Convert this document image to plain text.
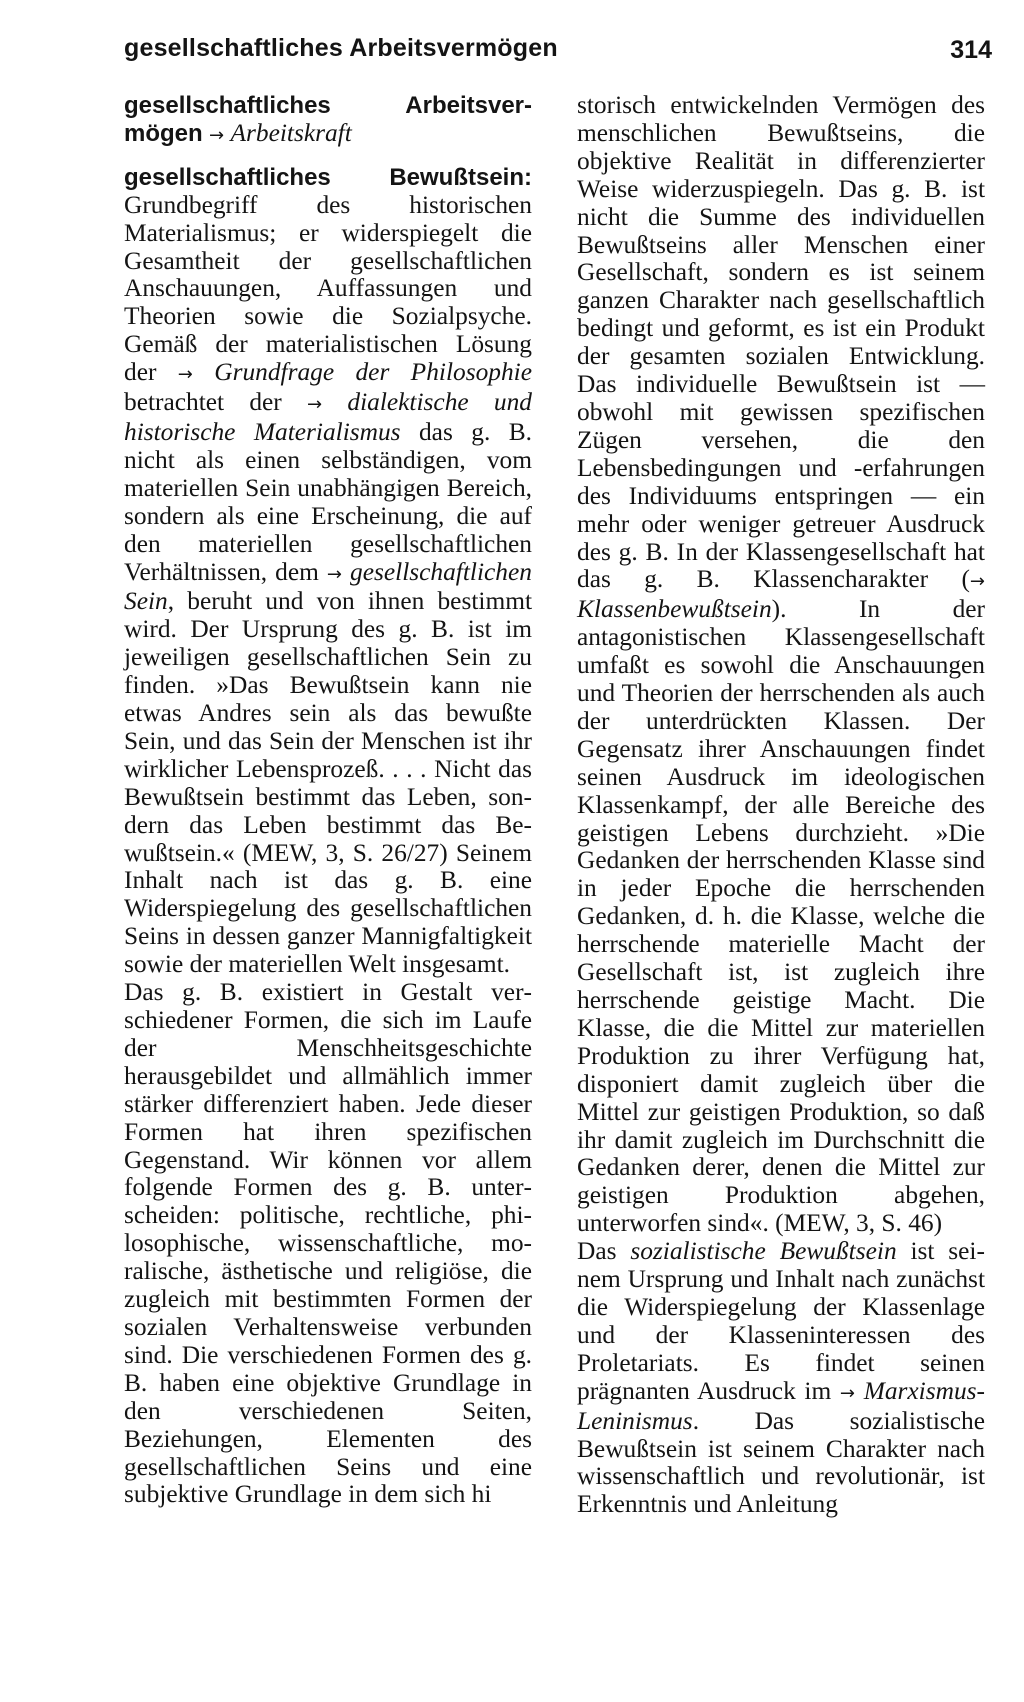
gesellschaftliches Arbeitsvermögen	314

gesellschaftliches Arbeitsvermögen → Arbeitskraft

gesellschaftliches Bewußtsein: Grundbegriff des historischen Materialismus; er widerspiegelt die Gesamtheit der gesellschaftlichen Anschauungen, Auffassungen und Theorien sowie die Sozialpsyche. Gemäß der materialistischen Lösung der → Grundfrage der Philosophie betrachtet der → dialektische und historische Materialismus das g. B. nicht als einen selbständigen, vom materiellen Sein unabhängigen Bereich, sondern als eine Erscheinung, die auf den materiellen gesellschaftlichen Verhältnissen, dem → gesellschaftlichen Sein, beruht und von ihnen bestimmt wird. Der Ursprung des g. B. ist im jeweiligen gesellschaftlichen Sein zu finden. »Das Bewußtsein kann nie etwas Andres sein als das bewußte Sein, und das Sein der Menschen ist ihr wirklicher Lebensprozeß. . . . Nicht das Bewußtsein bestimmt das Leben, sondern das Leben bestimmt das Bewußtsein.« (MEW, 3, S. 26/27) Seinem Inhalt nach ist das g. B. eine Widerspiegelung des gesellschaftlichen Seins in dessen ganzer Mannigfaltigkeit sowie der materiellen Welt insgesamt.

Das g. B. existiert in Gestalt verschiedener Formen, die sich im Laufe der Menschheitsgeschichte herausgebildet und allmählich immer stärker differenziert haben. Jede dieser Formen hat ihren spezifischen Gegenstand. Wir können vor allem folgende Formen des g. B. unterscheiden: politische, rechtliche, philosophische, wissenschaftliche, moralische, ästhetische und religiöse, die zugleich mit bestimmten Formen der sozialen Verhaltensweise verbunden sind. Die verschiedenen Formen des g. B. haben eine objektive Grundlage in den verschiedenen Seiten, Beziehungen, Elementen des gesellschaftlichen Seins und eine subjektive Grundlage in dem sich hi

storisch entwickelnden Vermögen des menschlichen Bewußtseins, die objektive Realität in differenzierter Weise widerzuspiegeln. Das g. B. ist nicht die Summe des individuellen Bewußtseins aller Menschen einer Gesellschaft, sondern es ist seinem ganzen Charakter nach gesellschaftlich bedingt und geformt, es ist ein Produkt der gesamten sozialen Entwicklung. Das individuelle Bewußtsein ist — obwohl mit gewissen spezifischen Zügen versehen, die den Lebensbedingungen und -erfahrungen des Individuums entspringen — ein mehr oder weniger getreuer Ausdruck des g. B. In der Klassengesellschaft hat das g. B. Klassencharakter (→ Klassenbewußtsein). In der antagonistischen Klassengesellschaft umfaßt es sowohl die Anschauungen und Theorien der herrschenden als auch der unterdrückten Klassen. Der Gegensatz ihrer Anschauungen findet seinen Ausdruck im ideologischen Klassenkampf, der alle Bereiche des geistigen Lebens durchzieht. »Die Gedanken der herrschenden Klasse sind in jeder Epoche die herrschenden Gedanken, d. h. die Klasse, welche die herrschende materielle Macht der Gesellschaft ist, ist zugleich ihre herrschende geistige Macht. Die Klasse, die die Mittel zur materiellen Produktion zu ihrer Verfügung hat, disponiert damit zugleich über die Mittel zur geistigen Produktion, so daß ihr damit zugleich im Durchschnitt die Gedanken derer, denen die Mittel zur geistigen Produktion abgehen, unterworfen sind«. (MEW, 3, S. 46)

Das sozialistische Bewußtsein ist seinem Ursprung und Inhalt nach zunächst die Widerspiegelung der Klassenlage und der Klasseninteressen des Proletariats. Es findet seinen prägnanten Ausdruck im → Marxismus-Leninismus. Das sozialistische Bewußtsein ist seinem Charakter nach wissenschaftlich und revolutionär, ist Erkenntnis und Anleitung
